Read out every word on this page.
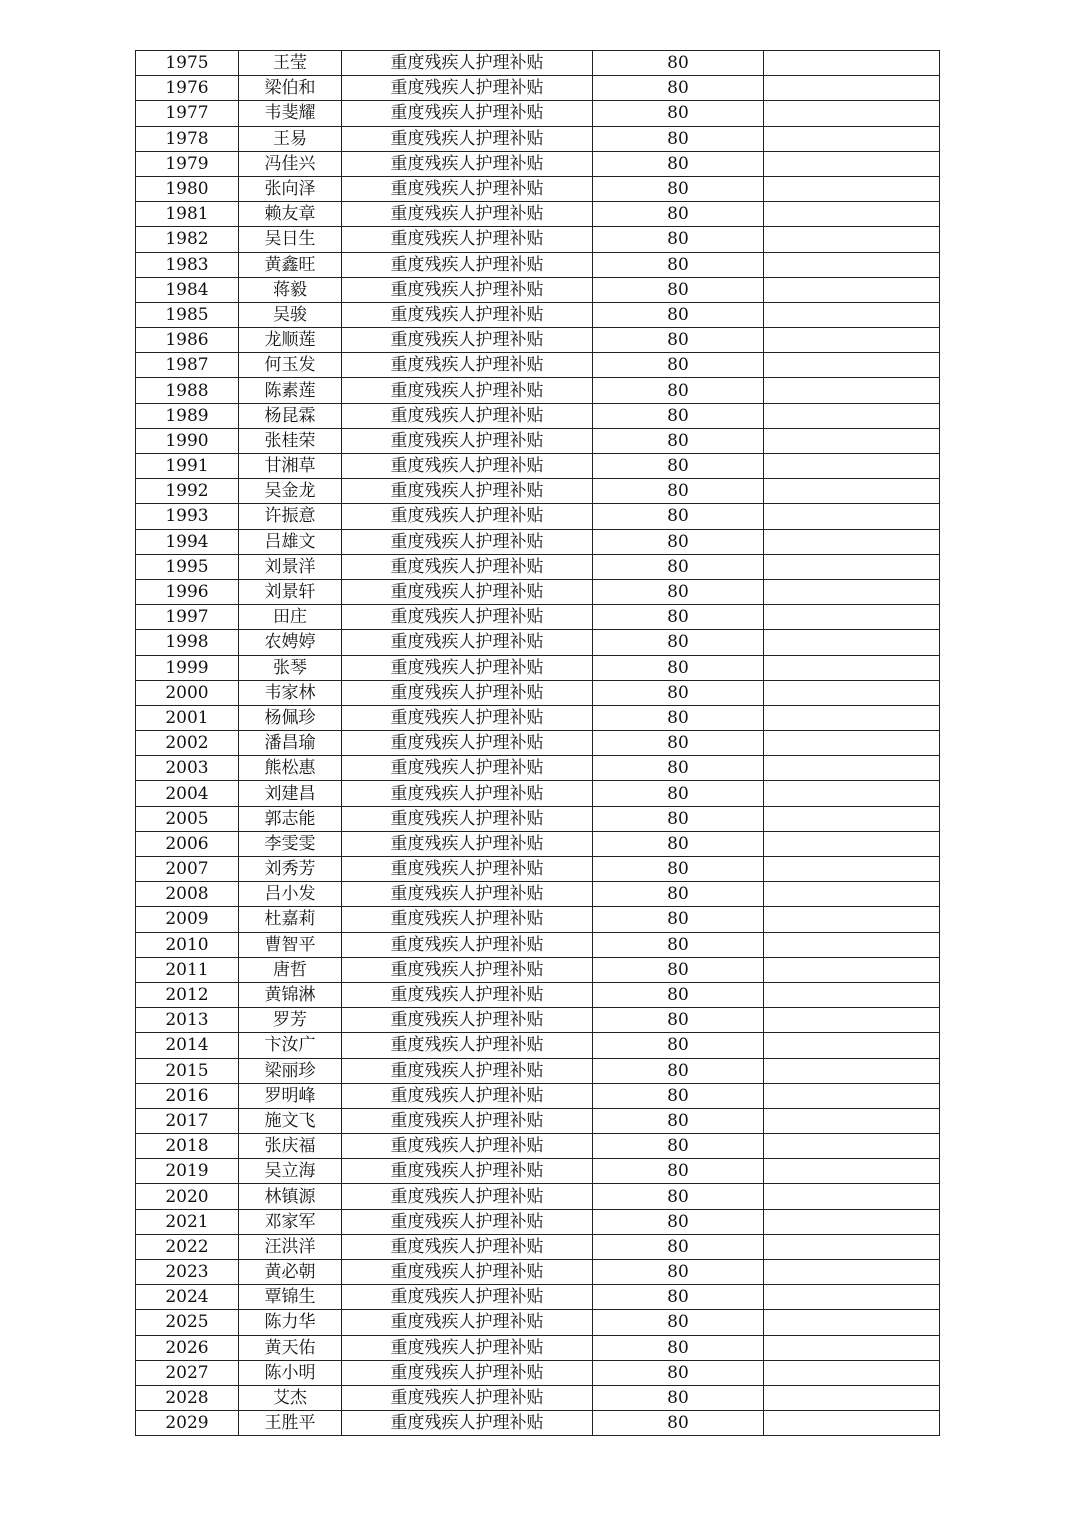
1975	王莹	重度残疾人护理补贴	80	
1976	梁伯和	重度残疾人护理补贴	80	
1977	韦斐耀	重度残疾人护理补贴	80	
1978	王易	重度残疾人护理补贴	80	
1979	冯佳兴	重度残疾人护理补贴	80	
1980	张向泽	重度残疾人护理补贴	80	
1981	赖友章	重度残疾人护理补贴	80	
1982	吴日生	重度残疾人护理补贴	80	
1983	黄鑫旺	重度残疾人护理补贴	80	
1984	蒋毅	重度残疾人护理补贴	80	
1985	吴骏	重度残疾人护理补贴	80	
1986	龙顺莲	重度残疾人护理补贴	80	
1987	何玉发	重度残疾人护理补贴	80	
1988	陈素莲	重度残疾人护理补贴	80	
1989	杨昆霖	重度残疾人护理补贴	80	
1990	张桂荣	重度残疾人护理补贴	80	
1991	甘湘草	重度残疾人护理补贴	80	
1992	吴金龙	重度残疾人护理补贴	80	
1993	许振意	重度残疾人护理补贴	80	
1994	吕雄文	重度残疾人护理补贴	80	
1995	刘景洋	重度残疾人护理补贴	80	
1996	刘景轩	重度残疾人护理补贴	80	
1997	田庄	重度残疾人护理补贴	80	
1998	农娉婷	重度残疾人护理补贴	80	
1999	张琴	重度残疾人护理补贴	80	
2000	韦家林	重度残疾人护理补贴	80	
2001	杨佩珍	重度残疾人护理补贴	80	
2002	潘昌瑜	重度残疾人护理补贴	80	
2003	熊松惠	重度残疾人护理补贴	80	
2004	刘建昌	重度残疾人护理补贴	80	
2005	郭志能	重度残疾人护理补贴	80	
2006	李雯雯	重度残疾人护理补贴	80	
2007	刘秀芳	重度残疾人护理补贴	80	
2008	吕小发	重度残疾人护理补贴	80	
2009	杜嘉莉	重度残疾人护理补贴	80	
2010	曹智平	重度残疾人护理补贴	80	
2011	唐哲	重度残疾人护理补贴	80	
2012	黄锦淋	重度残疾人护理补贴	80	
2013	罗芳	重度残疾人护理补贴	80	
2014	卞汝广	重度残疾人护理补贴	80	
2015	梁丽珍	重度残疾人护理补贴	80	
2016	罗明峰	重度残疾人护理补贴	80	
2017	施文飞	重度残疾人护理补贴	80	
2018	张庆福	重度残疾人护理补贴	80	
2019	吴立海	重度残疾人护理补贴	80	
2020	林镇源	重度残疾人护理补贴	80	
2021	邓家军	重度残疾人护理补贴	80	
2022	汪洪洋	重度残疾人护理补贴	80	
2023	黄必朝	重度残疾人护理补贴	80	
2024	覃锦生	重度残疾人护理补贴	80	
2025	陈力华	重度残疾人护理补贴	80	
2026	黄天佑	重度残疾人护理补贴	80	
2027	陈小明	重度残疾人护理补贴	80	
2028	艾杰	重度残疾人护理补贴	80	
2029	王胜平	重度残疾人护理补贴	80	
